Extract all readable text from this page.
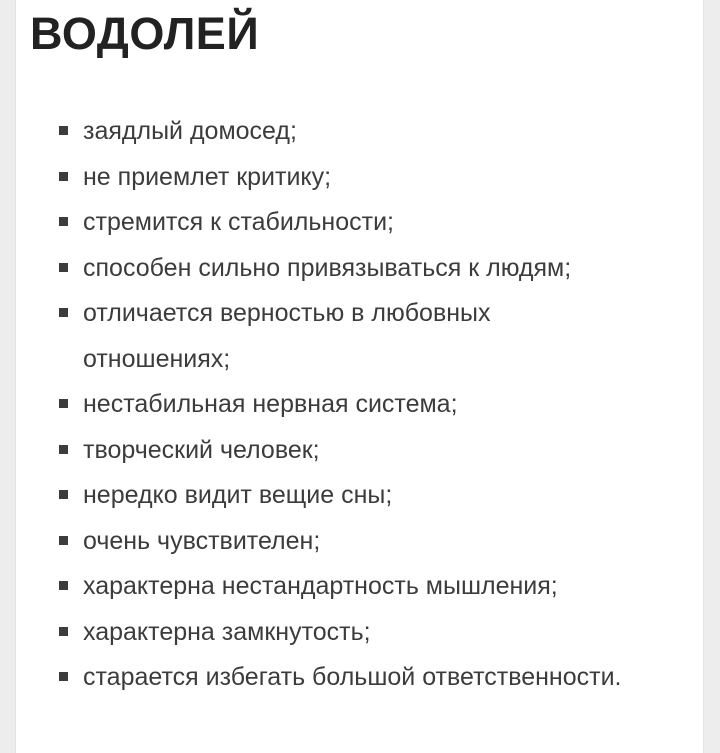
ВОДОЛЕЙ
заядлый домосед;
не приемлет критику;
стремится к стабильности;
способен сильно привязываться к людям;
отличается верностью в любовных отношениях;
нестабильная нервная система;
творческий человек;
нередко видит вещие сны;
очень чувствителен;
характерна нестандартность мышления;
характерна замкнутость;
старается избегать большой ответственности.
